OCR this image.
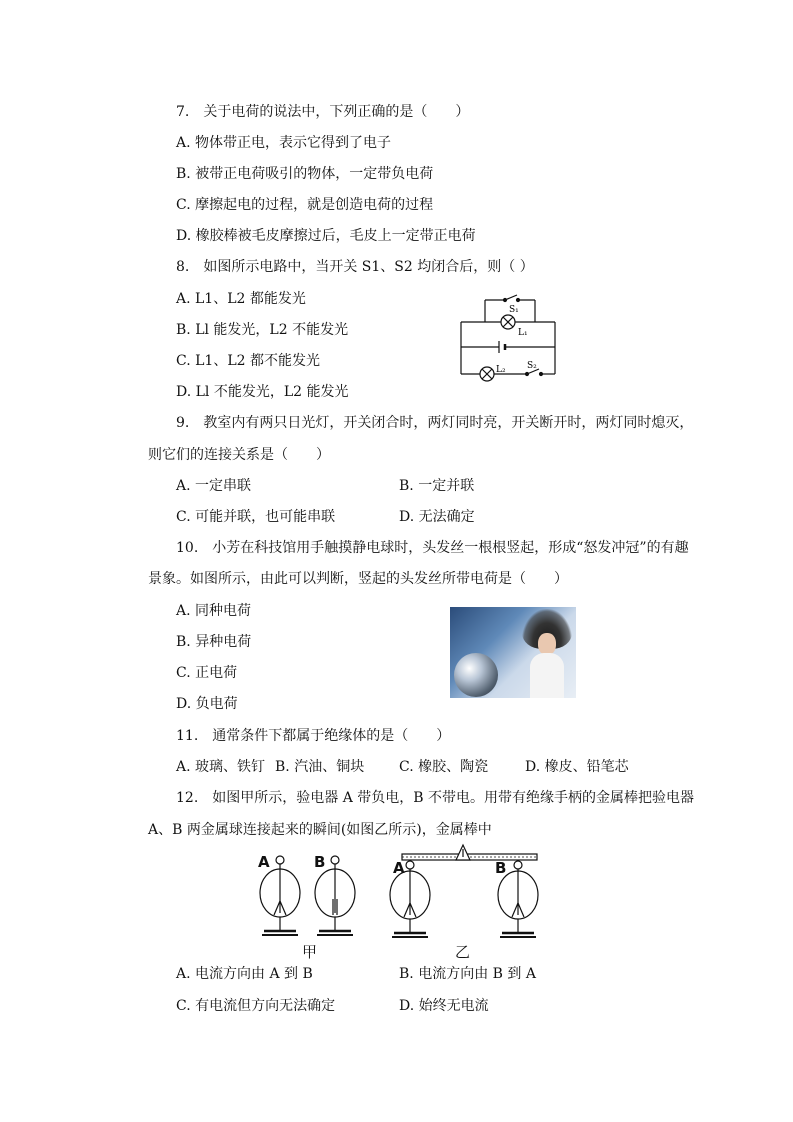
7.　关于电荷的说法中，下列正确的是（　　）
A. 物体带正电，表示它得到了电子
B. 被带正电荷吸引的物体，一定带负电荷
C. 摩擦起电的过程，就是创造电荷的过程
D. 橡胶棒被毛皮摩擦过后，毛皮上一定带正电荷
8.　如图所示电路中，当开关 S1、S2 均闭合后，则（ ）
A. L1、L2 都能发光
B. Ll 能发光，L2 不能发光
C. L1、L2 都不能发光
D. Ll 不能发光，L2 能发光
S₁
L₁
L₂ S₂
9.　教室内有两只日光灯，开关闭合时，两灯同时亮，开关断开时，两灯同时熄灭，
则它们的连接关系是（　　）
A. 一定串联	B. 一定并联
C. 可能并联，也可能串联	D. 无法确定
10.　小芳在科技馆用手触摸静电球时，头发丝一根根竖起，形成“怒发冲冠”的有趣
景象。如图所示，由此可以判断，竖起的头发丝所带电荷是（　　）
A. 同种电荷
B. 异种电荷
C. 正电荷
D. 负电荷
11.　通常条件下都属于绝缘体的是（　　）
A. 玻璃、铁钉 B. 汽油、铜块 C. 橡胶、陶瓷	D. 橡皮、铅笔芯
12.　如图甲所示，验电器 A 带负电，B 不带电。用带有绝缘手柄的金属棒把验电器
A、B 两金属球连接起来的瞬间(如图乙所示)，金属棒中
A	B	A	B
甲	乙
A. 电流方向由 A 到 B	B. 电流方向由 B 到 A
C. 有电流但方向无法确定	D. 始终无电流
